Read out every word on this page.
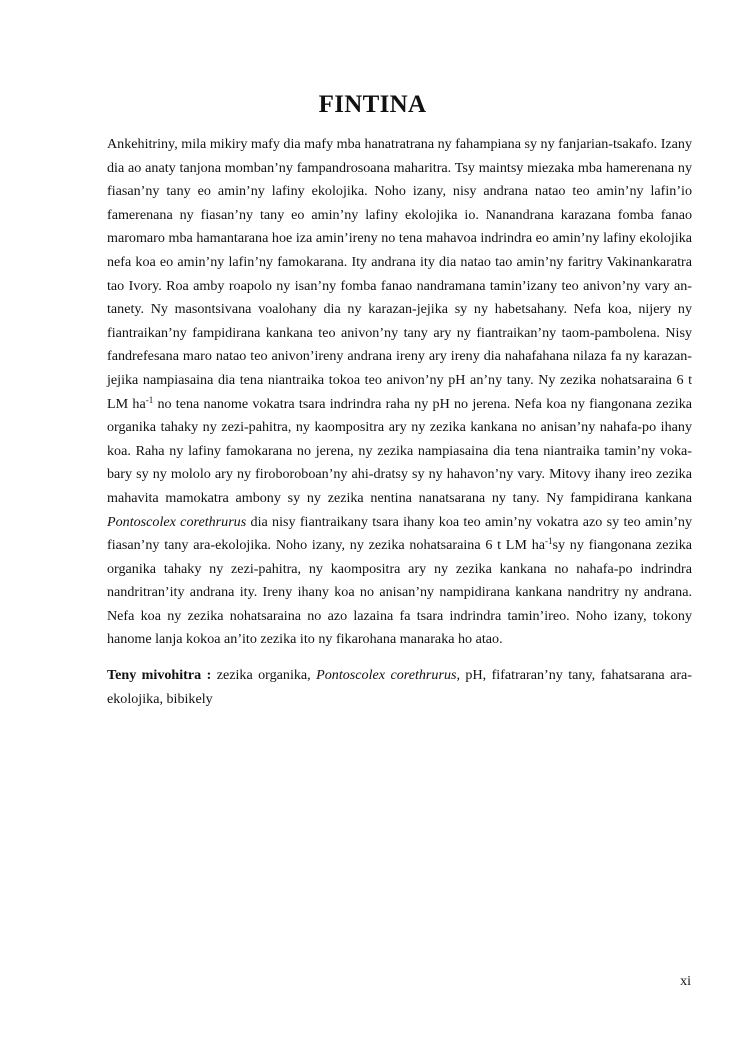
FINTINA

Ankehitriny, mila mikiry mafy dia mafy mba hanatratrana ny fahampiana sy ny fanjarian-tsakafo. Izany dia ao anaty tanjona momban’ny fampandrosoana maharitra. Tsy maintsy miezaka mba hamerenana ny fiasan’ny tany eo amin’ny lafiny ekolojika. Noho izany, nisy andrana natao teo amin’ny lafin’io famerenana ny fiasan’ny tany eo amin’ny lafiny ekolojika io. Nanandrana karazana fomba fanao maromaro mba hamantarana hoe iza amin’ireny no tena mahavoa indrindra eo amin’ny lafiny ekolojika nefa koa eo amin’ny lafin’ny famokarana. Ity andrana ity dia natao tao amin’ny faritry Vakinankaratra tao Ivory. Roa amby roapolo ny isan’ny fomba fanao nandramana tamin’izany teo anivon’ny vary an-tanety. Ny masontsivana voalohany dia ny karazan-jejika sy ny habetsahany. Nefa koa, nijery ny fiantraikan’ny fampidirana kankana teo anivon’ny tany ary ny fiantraikan’ny taom-pambolena. Nisy fandrefesana maro natao teo anivon’ireny andrana ireny ary ireny dia nahafahana nilaza fa ny karazan-jejika nampiasaina dia tena niantraika tokoa teo anivon’ny pH an’ny tany. Ny zezika nohatsaraina 6 t LM $ha^{-1}$ no tena nanome vokatra tsara indrindra raha ny pH no jerena. Nefa koa ny fiangonana zezika organika tahaky ny zezi-pahitra, ny kaompositra ary ny zezika kankana no anisan’ny nahafa-po ihany koa. Raha ny lafiny famokarana no jerena, ny zezika nampiasaina dia tena niantraika tamin’ny voka-bary sy ny mololo ary ny firoboroboan’ny ahi-dratsy sy ny hahavon’ny vary. Mitovy ihany ireo zezika mahavita mamokatra ambony sy ny zezika nentina nanatsarana ny tany. Ny fampidirana kankana Pontoscolex corethrurus dia nisy fiantraikany tsara ihany koa teo amin’ny vokatra azo sy teo amin’ny fiasan’ny tany ara-ekolojika. Noho izany, ny zezika nohatsaraina 6 t LM $ha^{-1}sy$ ny fiangonana zezika organika tahaky ny zezi-pahitra, ny kaompositra ary ny zezika kankana no nahafa-po indrindra nandritran’ity andrana ity. Ireny ihany koa no anisan’ny nampidirana kankana nandritry ny andrana. Nefa koa ny zezika nohatsaraina no azo lazaina fa tsara indrindra tamin’ireo. Noho izany, tokony hanome lanja kokoa an’ito zezika ito ny fikarohana manaraka ho atao.

Teny mivohitra : zezika organika, Pontoscolex corethrurus, pH, fifatraran’ny tany, fahatsarana ara-ekolojika, bibikely

xi
